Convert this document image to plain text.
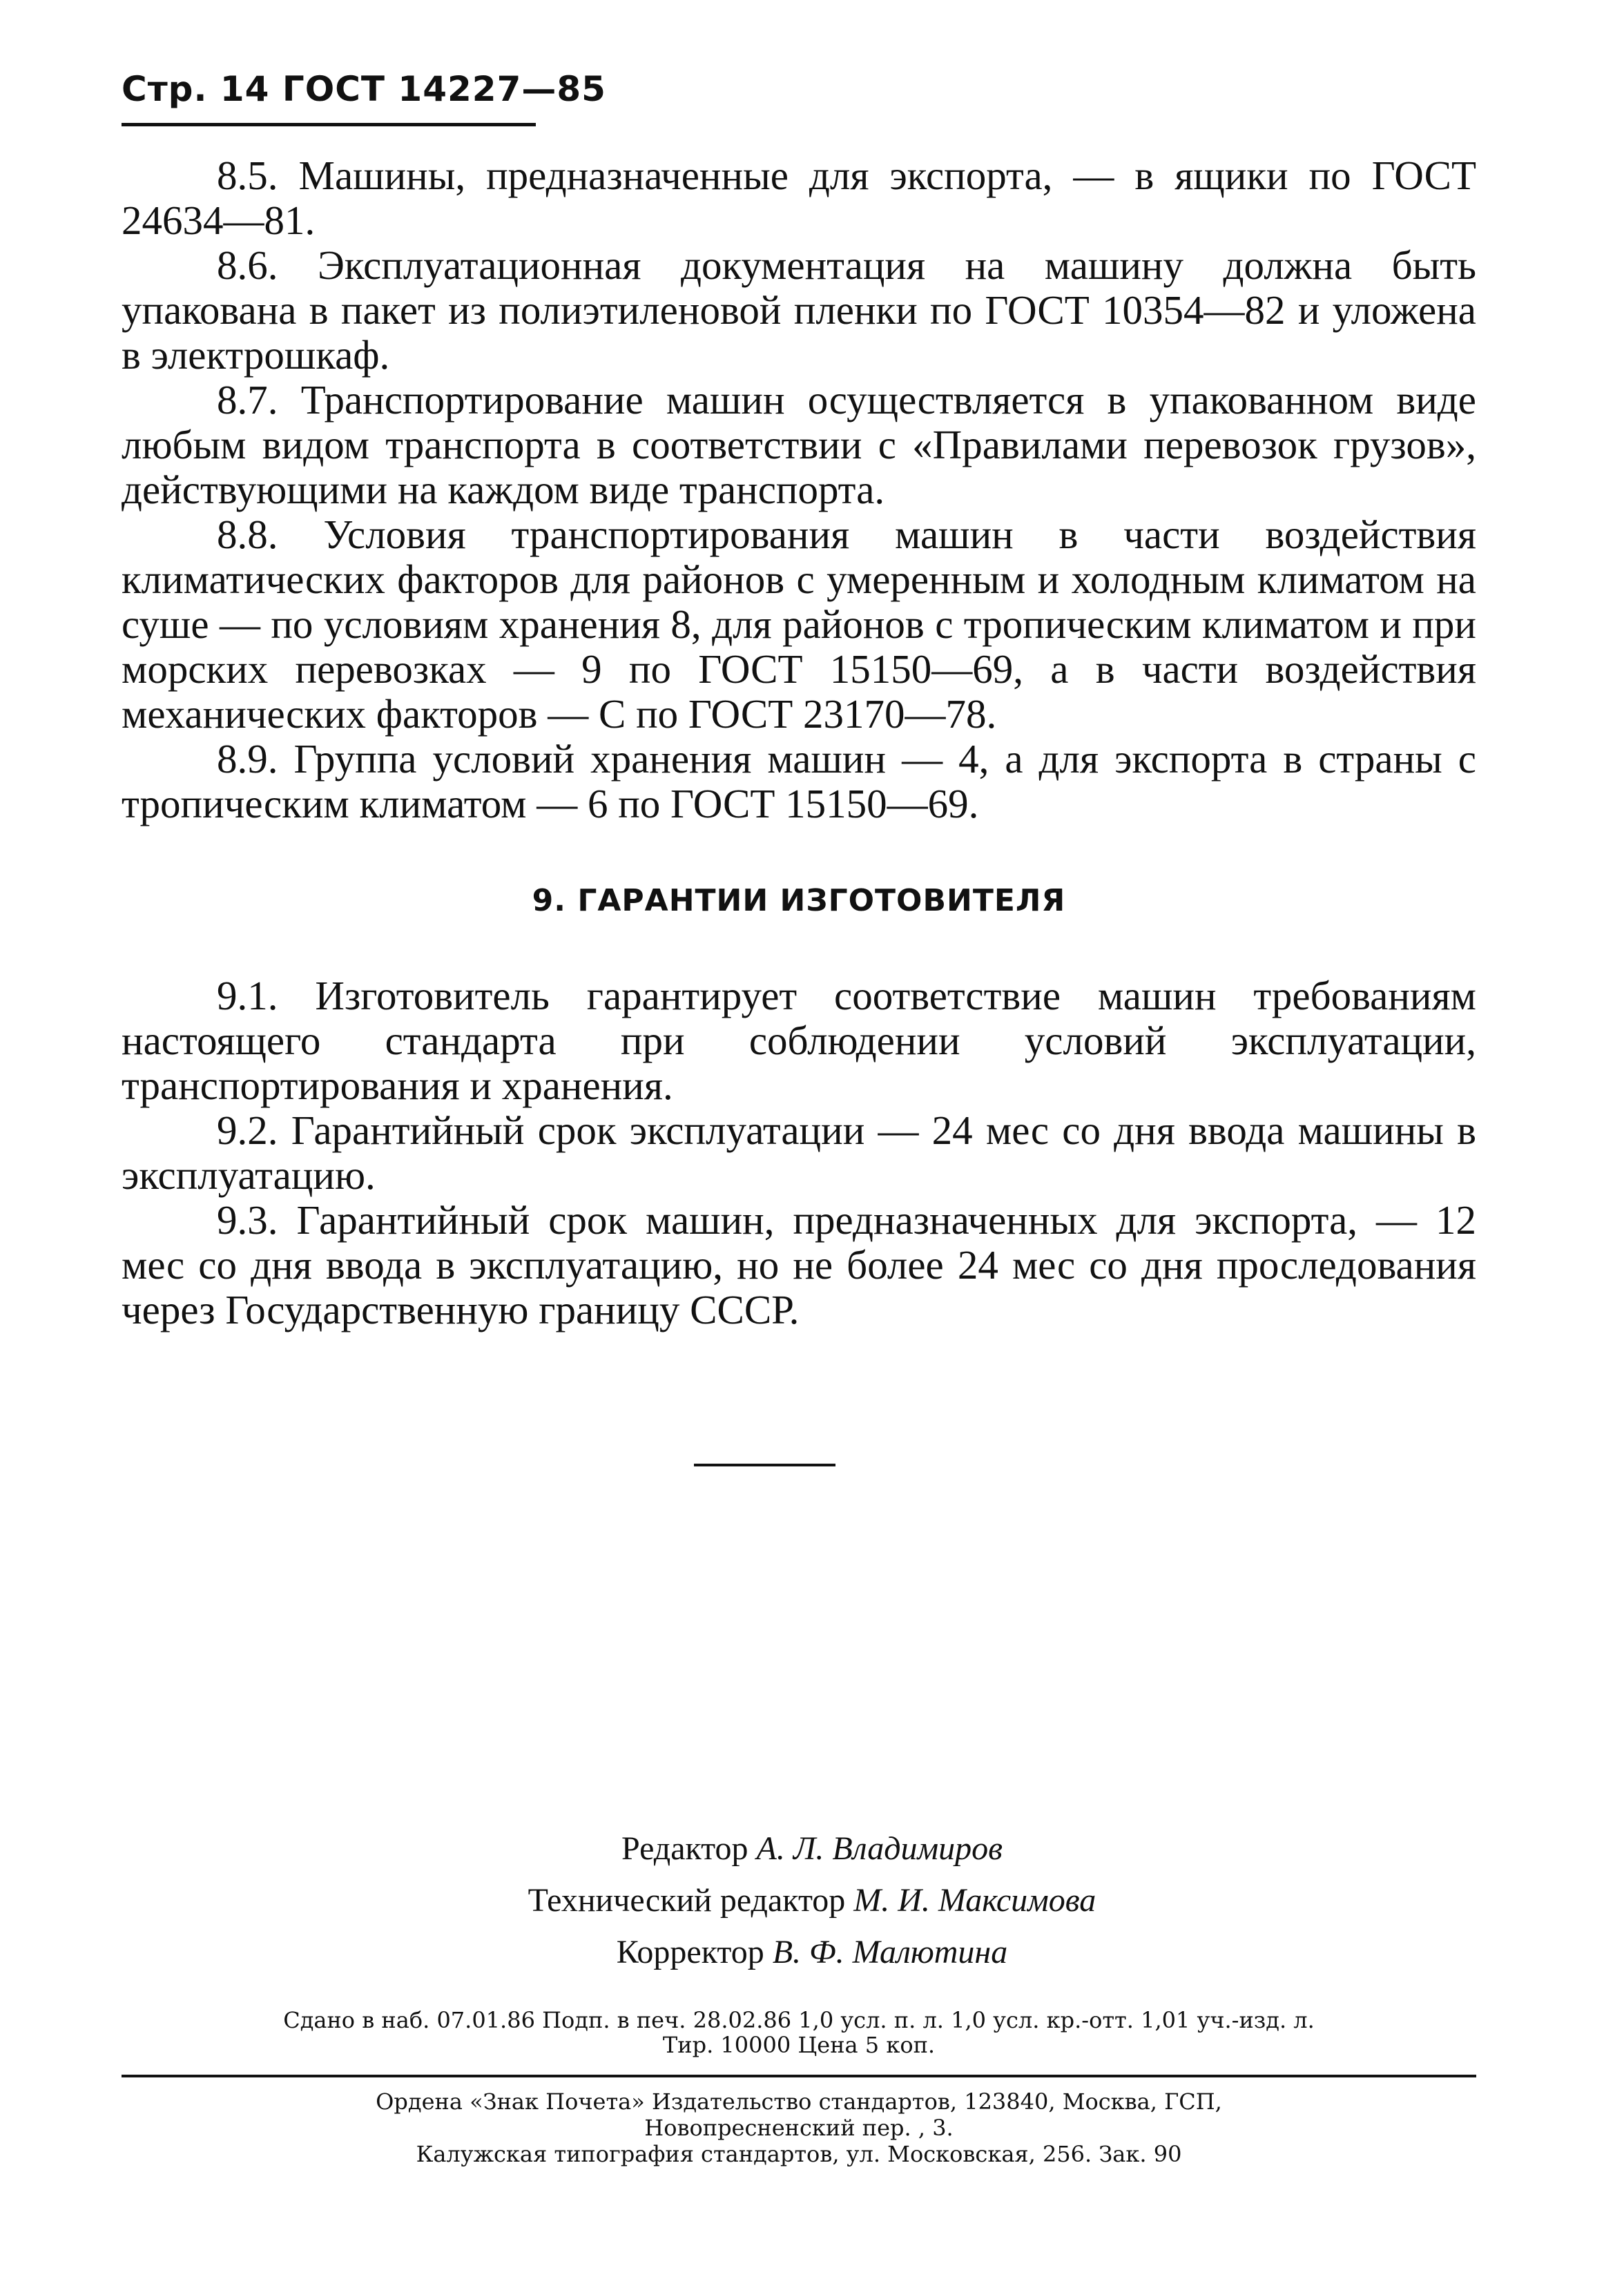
Стр. 14 ГОСТ 14227—85

8.5. Машины, предназначенные для экспорта, — в ящики по ГОСТ 24634—81.

8.6. Эксплуатационная документация на машину должна быть упакована в пакет из полиэтиленовой пленки по ГОСТ 10354—82 и уложена в электрошкаф.

8.7. Транспортирование машин осуществляется в упакованном виде любым видом транспорта в соответствии с «Правилами перевозок грузов», действующими на каждом виде транспорта.

8.8. Условия транспортирования машин в части воздействия климатических факторов для районов с умеренным и холодным климатом на суше — по условиям хранения 8, для районов с тропическим климатом и при морских перевозках — 9 по ГОСТ 15150—69, а в части воздействия механических факторов — С по ГОСТ 23170—78.

8.9. Группа условий хранения машин — 4, а для экспорта в страны с тропическим климатом — 6 по ГОСТ 15150—69.

9. ГАРАНТИИ ИЗГОТОВИТЕЛЯ

9.1. Изготовитель гарантирует соответствие машин требованиям настоящего стандарта при соблюдении условий эксплуатации, транспортирования и хранения.

9.2. Гарантийный срок эксплуатации — 24 мес со дня ввода машины в эксплуатацию.

9.3. Гарантийный срок машин, предназначенных для экспорта, — 12 мес со дня ввода в эксплуатацию, но не более 24 мес со дня проследования через Государственную границу СССР.

Редактор А. Л. Владимиров
Технический редактор М. И. Максимова
Корректор В. Ф. Малютина
Сдано в наб. 07.01.86 Подп. в печ. 28.02.86 1,0 усл. п. л. 1,0 усл. кр.-отт. 1,01 уч.-изд. л.
Тир. 10000 Цена 5 коп.
Ордена «Знак Почета» Издательство стандартов, 123840, Москва, ГСП,
Новопресненский пер. , 3.
Калужская типография стандартов, ул. Московская, 256. Зак. 90
